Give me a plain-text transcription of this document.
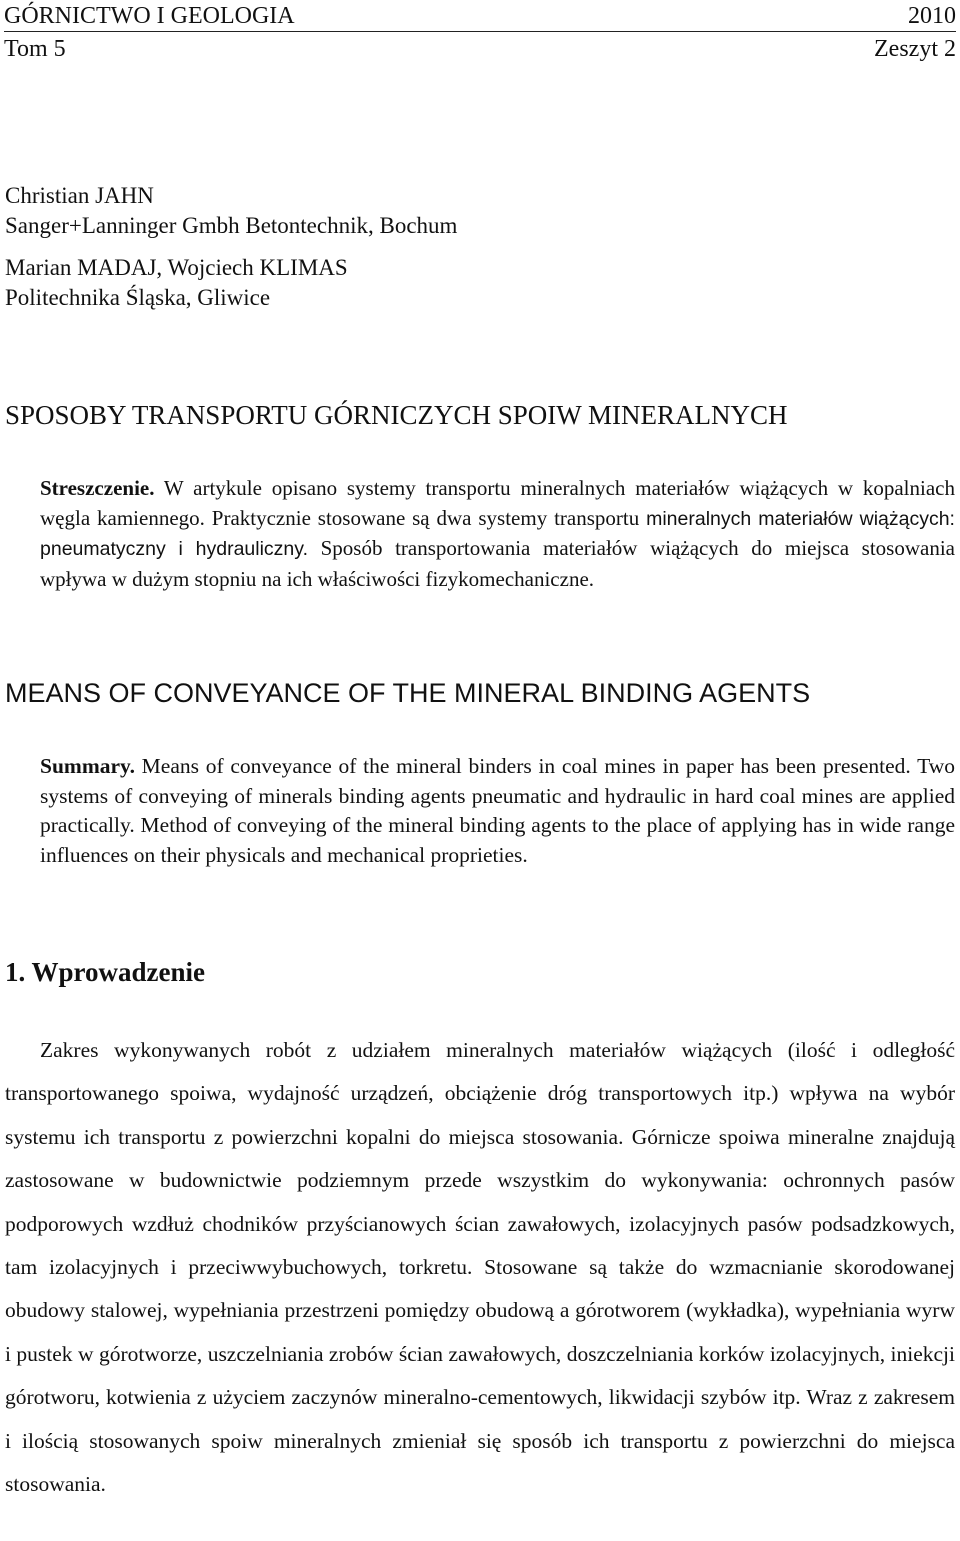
GÓRNICTWO I GEOLOGIA	2010
Tom 5	Zeszyt 2
Christian JAHN
Sanger+Lanninger Gmbh Betontechnik, Bochum
Marian MADAJ, Wojciech KLIMAS
Politechnika Śląska, Gliwice
SPOSOBY TRANSPORTU GÓRNICZYCH SPOIW MINERALNYCH

Streszczenie. W artykule opisano systemy transportu mineralnych materiałów wiążących w kopalniach węgla kamiennego. Praktycznie stosowane są dwa systemy transportu mineralnych materiałów wiążących: pneumatyczny i hydrauliczny. Sposób transportowania materiałów wiążących do miejsca stosowania wpływa w dużym stopniu na ich właściwości fizykomechaniczne.

MEANS OF CONVEYANCE OF THE MINERAL BINDING AGENTS

Summary. Means of conveyance of the mineral binders in coal mines in paper has been presented. Two systems of conveying of minerals binding agents pneumatic and hydraulic in hard coal mines are applied practically. Method of conveying of the mineral binding agents to the place of applying has in wide range influences on their physicals and mechanical proprieties.

1. Wprowadzenie

Zakres wykonywanych robót z udziałem mineralnych materiałów wiążących (ilość i odległość transportowanego spoiwa, wydajność urządzeń, obciążenie dróg transportowych itp.) wpływa na wybór systemu ich transportu z powierzchni kopalni do miejsca stosowania. Górnicze spoiwa mineralne znajdują zastosowane w budownictwie podziemnym przede wszystkim do wykonywania: ochronnych pasów podporowych wzdłuż chodników przyścianowych ścian zawałowych, izolacyjnych pasów podsadzkowych, tam izolacyjnych i przeciwwybuchowych, torkretu. Stosowane są także do wzmacnianie skorodowanej obudowy stalowej, wypełniania przestrzeni pomiędzy obudową a górotworem (wykładka), wypełniania wyrw i pustek w górotworze, uszczelniania zrobów ścian zawałowych, doszczelniania korków izolacyjnych, iniekcji górotworu, kotwienia z użyciem zaczynów mineralno-cementowych, likwidacji szybów itp. Wraz z zakresem i ilością stosowanych spoiw mineralnych zmieniał się sposób ich transportu z powierzchni do miejsca stosowania.
